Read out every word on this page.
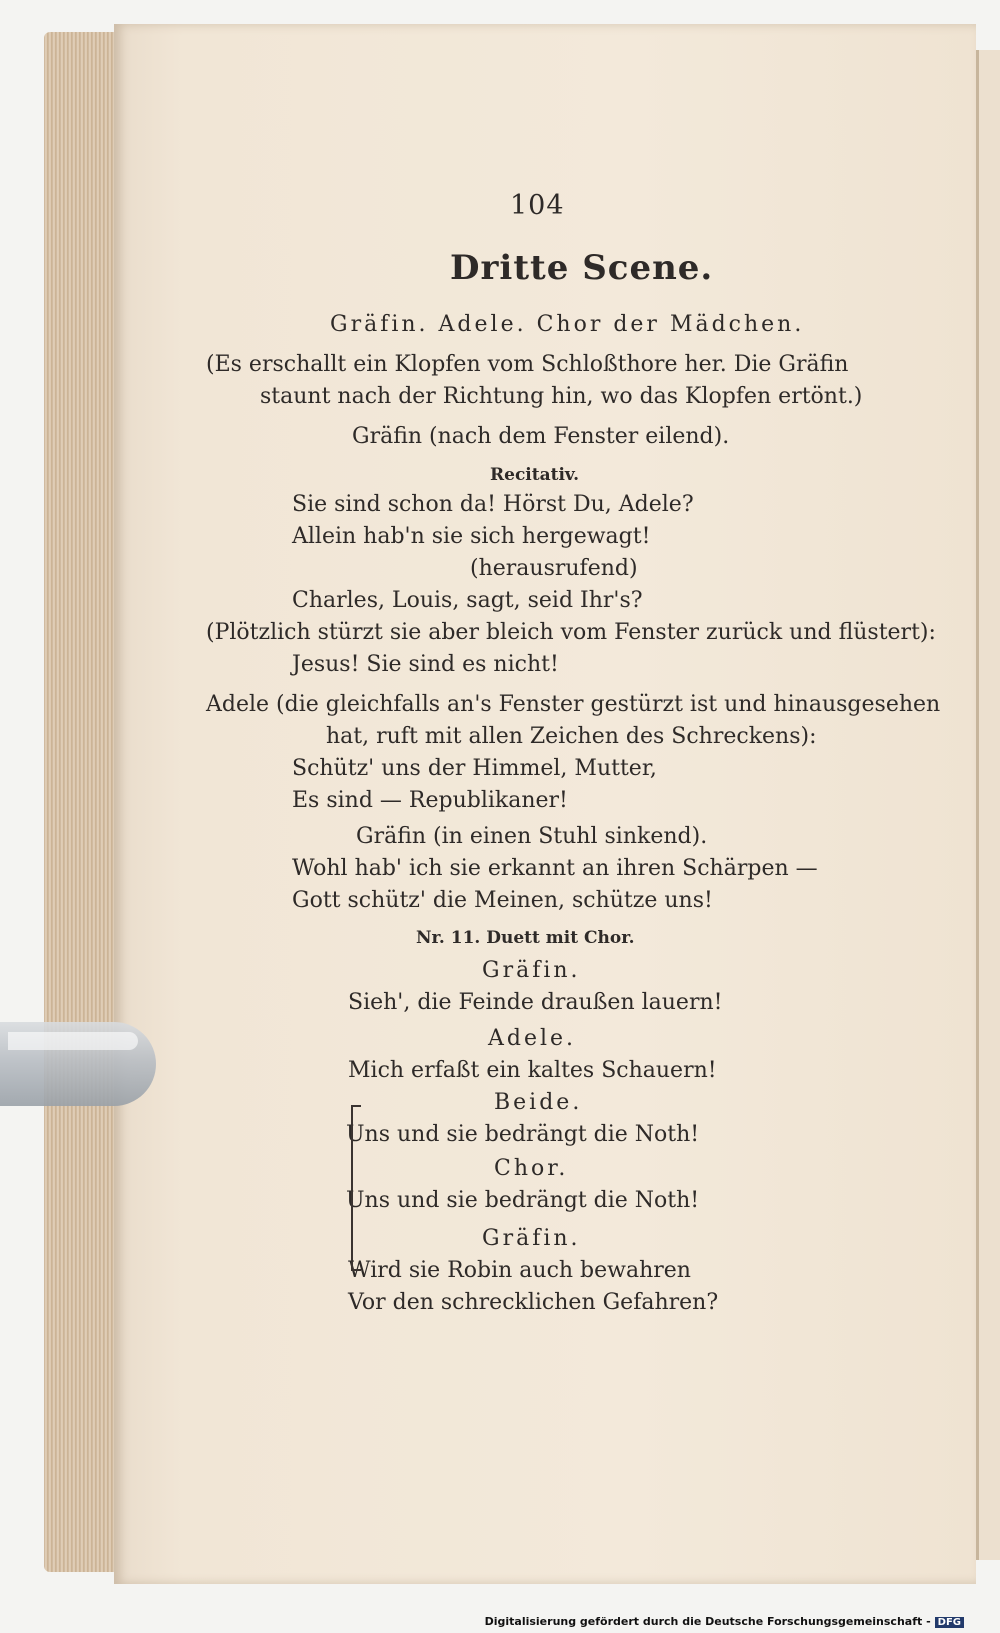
104
Dritte Scene.
Gräfin. Adele. Chor der Mädchen.
(Es erschallt ein Klopfen vom Schloßthore her. Die Gräfin
staunt nach der Richtung hin, wo das Klopfen ertönt.)
Gräfin (nach dem Fenster eilend).
Recitativ.
Sie sind schon da! Hörst Du, Adele?
Allein hab'n sie sich hergewagt!
(herausrufend)
Charles, Louis, sagt, seid Ihr's?
(Plötzlich stürzt sie aber bleich vom Fenster zurück und flüstert):
Jesus! Sie sind es nicht!
Adele (die gleichfalls an's Fenster gestürzt ist und hinausgesehen
hat, ruft mit allen Zeichen des Schreckens):
Schütz' uns der Himmel, Mutter,
Es sind — Republikaner!
Gräfin (in einen Stuhl sinkend).
Wohl hab' ich sie erkannt an ihren Schärpen —
Gott schütz' die Meinen, schütze uns!
Nr. 11. Duett mit Chor.
Gräfin.
Sieh', die Feinde draußen lauern!
Adele.
Mich erfaßt ein kaltes Schauern!
Beide.
Uns und sie bedrängt die Noth!
Chor.
Uns und sie bedrängt die Noth!
Gräfin.
Wird sie Robin auch bewahren
Vor den schrecklichen Gefahren?
Digitalisierung gefördert durch die Deutsche Forschungsgemeinschaft - DFG
